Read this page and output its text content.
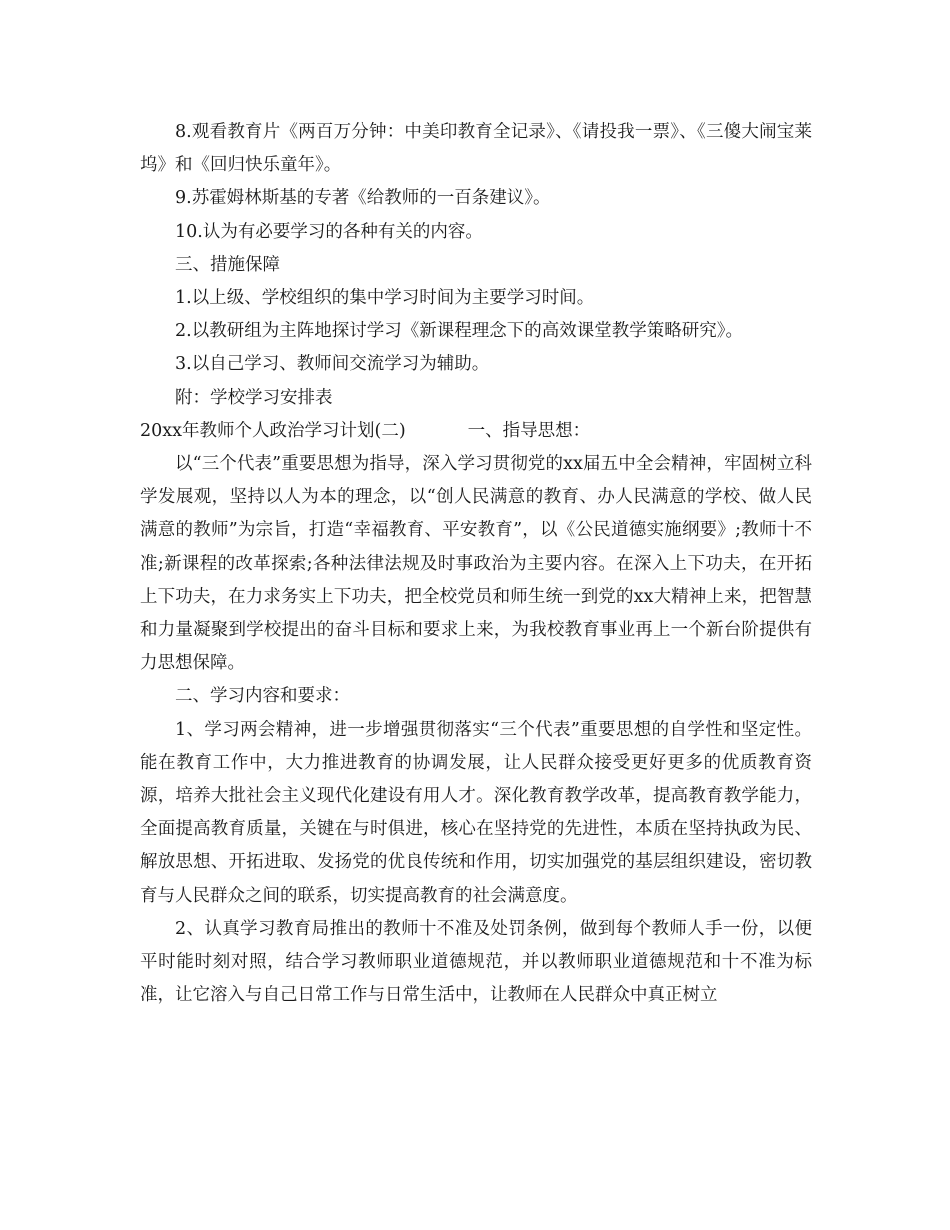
8.观看教育片《两百万分钟：中美印教育全记录》、《请投我一票》、《三傻大闹宝莱坞》和《回归快乐童年》。

9.苏霍姆林斯基的专著《给教师的一百条建议》。

10.认为有必要学习的各种有关的内容。

三、措施保障

1.以上级、学校组织的集中学习时间为主要学习时间。

2.以教研组为主阵地探讨学习《新课程理念下的高效课堂教学策略研究》。

3.以自己学习、教师间交流学习为辅助。

附：学校学习安排表

20xx年教师个人政治学习计划(二)	一、指导思想：

以“三个代表”重要思想为指导，深入学习贯彻党的xx届五中全会精神，牢固树立科学发展观，坚持以人为本的理念，以“创人民满意的教育、办人民满意的学校、做人民满意的教师”为宗旨，打造“幸福教育、平安教育”，以《公民道德实施纲要》;教师十不准;新课程的改革探索;各种法律法规及时事政治为主要内容。在深入上下功夫，在开拓上下功夫，在力求务实上下功夫，把全校党员和师生统一到党的xx大精神上来，把智慧和力量凝聚到学校提出的奋斗目标和要求上来，为我校教育事业再上一个新台阶提供有力思想保障。

二、学习内容和要求：

1、学习两会精神，进一步增强贯彻落实“三个代表”重要思想的自学性和坚定性。能在教育工作中，大力推进教育的协调发展，让人民群众接受更好更多的优质教育资源，培养大批社会主义现代化建设有用人才。深化教育教学改革，提高教育教学能力，全面提高教育质量，关键在与时俱进，核心在坚持党的先进性，本质在坚持执政为民、解放思想、开拓进取、发扬党的优良传统和作用，切实加强党的基层组织建设，密切教育与人民群众之间的联系，切实提高教育的社会满意度。

2、认真学习教育局推出的教师十不准及处罚条例，做到每个教师人手一份，以便平时能时刻对照，结合学习教师职业道德规范，并以教师职业道德规范和十不准为标准，让它溶入与自己日常工作与日常生活中，让教师在人民群众中真正树立
